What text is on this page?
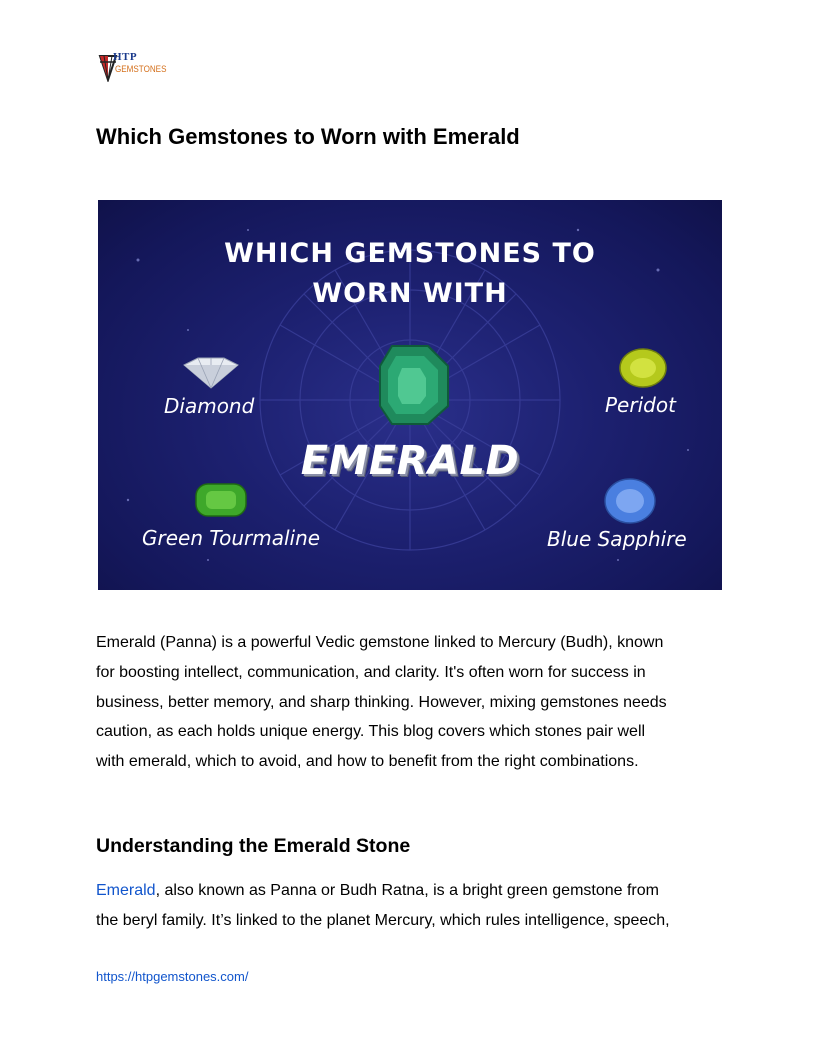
HTP
GEMSTONES
Which Gemstones to Worn with Emerald
WHICH GEMSTONES TO
WORN WITH
EMERALD
Diamond	Peridot
Green Tourmaline	Blue Sapphire
Emerald (Panna) is a powerful Vedic gemstone linked to Mercury (Budh), known
for boosting intellect, communication, and clarity. It's often worn for success in
business, better memory, and sharp thinking. However, mixing gemstones needs
caution, as each holds unique energy. This blog covers which stones pair well
with emerald, which to avoid, and how to benefit from the right combinations.
Understanding the Emerald Stone
Emerald, also known as Panna or Budh Ratna, is a bright green gemstone from
the beryl family. It’s linked to the planet Mercury, which rules intelligence, speech,
https://htpgemstones.com/
